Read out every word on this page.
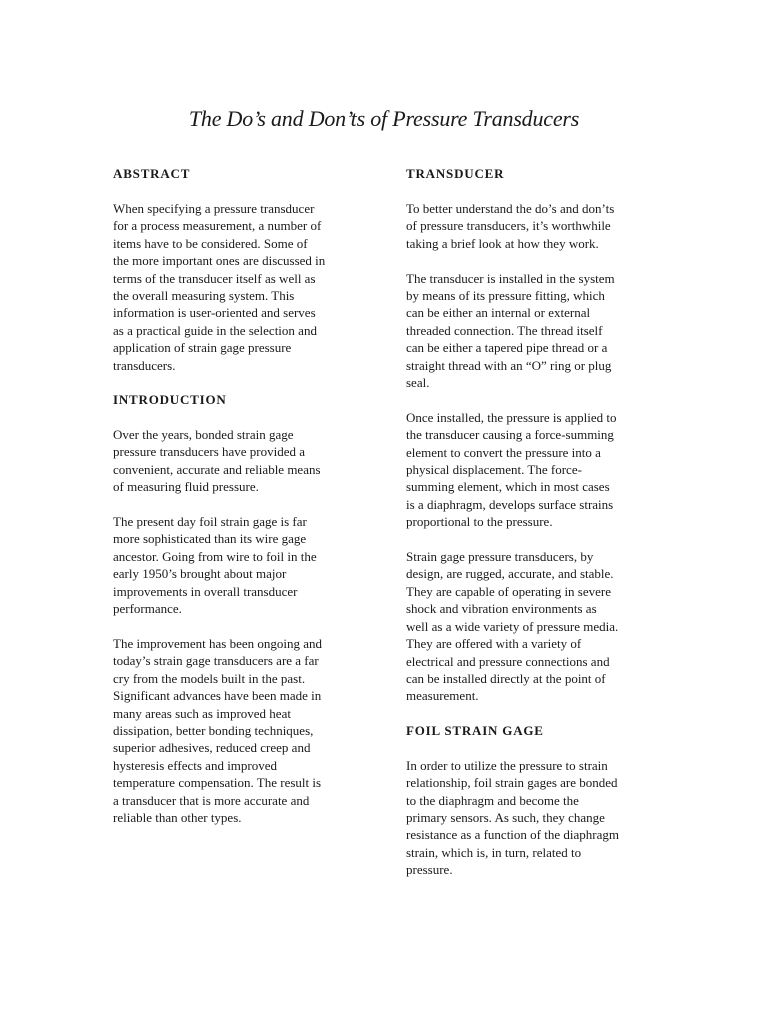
The Do’s and Don’ts of Pressure Transducers
ABSTRACT

When specifying a pressure transducer
for a process measurement, a number of
items have to be considered. Some of
the more important ones are discussed in
terms of the transducer itself as well as
the overall measuring system. This
information is user-oriented and serves
as a practical guide in the selection and
application of strain gage pressure
transducers.

INTRODUCTION

Over the years, bonded strain gage
pressure transducers have provided a
convenient, accurate and reliable means
of measuring fluid pressure.

The present day foil strain gage is far
more sophisticated than its wire gage
ancestor. Going from wire to foil in the
early 1950’s brought about major
improvements in overall transducer
performance.

The improvement has been ongoing and
today’s strain gage transducers are a far
cry from the models built in the past.
Significant advances have been made in
many areas such as improved heat
dissipation, better bonding techniques,
superior adhesives, reduced creep and
hysteresis effects and improved
temperature compensation. The result is
a transducer that is more accurate and
reliable than other types.

TRANSDUCER

To better understand the do’s and don’ts
of pressure transducers, it’s worthwhile
taking a brief look at how they work.

The transducer is installed in the system
by means of its pressure fitting, which
can be either an internal or external
threaded connection. The thread itself
can be either a tapered pipe thread or a
straight thread with an “O” ring or plug
seal.

Once installed, the pressure is applied to
the transducer causing a force-summing
element to convert the pressure into a
physical displacement. The force-
summing element, which in most cases
is a diaphragm, develops surface strains
proportional to the pressure.

Strain gage pressure transducers, by
design, are rugged, accurate, and stable.
They are capable of operating in severe
shock and vibration environments as
well as a wide variety of pressure media.
They are offered with a variety of
electrical and pressure connections and
can be installed directly at the point of
measurement.

FOIL STRAIN GAGE

In order to utilize the pressure to strain
relationship, foil strain gages are bonded
to the diaphragm and become the
primary sensors. As such, they change
resistance as a function of the diaphragm
strain, which is, in turn, related to
pressure.
